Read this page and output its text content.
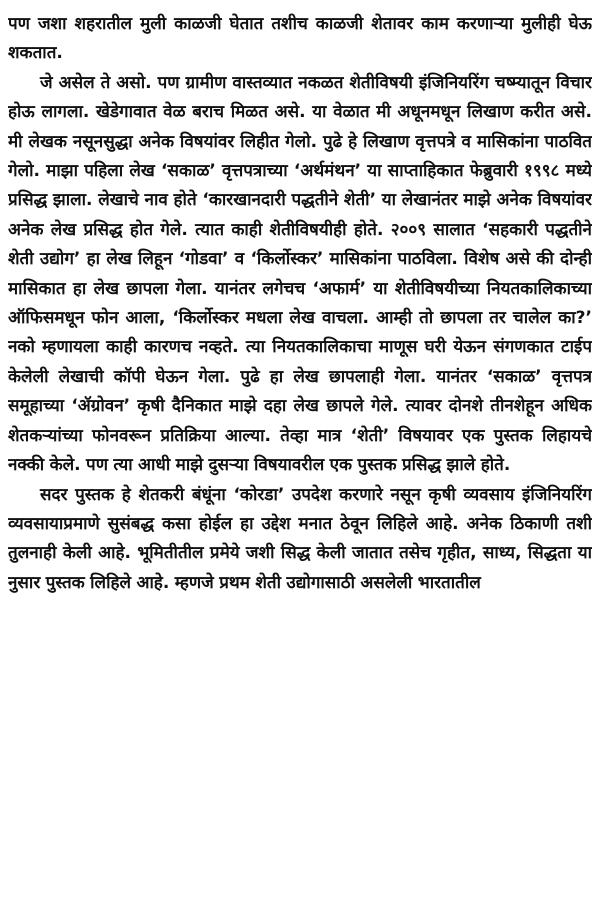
पण जशा शहरातील मुली काळजी घेतात तशीच काळजी शेतावर काम करणाऱ्या मुलीही घेऊ शकतात.

जे असेल ते असो. पण ग्रामीण वास्तव्यात नकळत शेतीविषयी इंजिनियरिंग चष्म्यातून विचार होऊ लागला. खेडेगावात वेळ बराच मिळत असे. या वेळात मी अधूनमधून लिखाण करीत असे. मी लेखक नसूनसुद्धा अनेक विषयांवर लिहीत गेलो. पुढे हे लिखाण वृत्तपत्रे व मासिकांना पाठवित गेलो. माझा पहिला लेख ‘सकाळ’ वृत्तपत्राच्या ‘अर्थमंथन’ या साप्ताहिकात फेब्रुवारी १९९८ मध्ये प्रसिद्ध झाला. लेखाचे नाव होते ‘कारखानदारी पद्धतीने शेती’ या लेखानंतर माझे अनेक विषयांवर अनेक लेख प्रसिद्ध होत गेले. त्यात काही शेतीविषयीही होते. २००९ सालात ‘सहकारी पद्धतीने शेती उद्योग’ हा लेख लिहून ‘गोडवा’ व ‘किर्लोस्कर’ मासिकांना पाठविला. विशेष असे की दोन्ही मासिकात हा लेख छापला गेला. यानंतर लगेचच ‘अफार्म’ या शेतीविषयीच्या नियतकालिकाच्या ऑफिसमधून फोन आला, ‘किर्लोस्कर मधला लेख वाचला. आम्ही तो छापला तर चालेल का?’ नको म्हणायला काही कारणच नव्हते. त्या नियतकालिकाचा माणूस घरी येऊन संगणकात टाईप केलेली लेखाची कॉपी घेऊन गेला. पुढे हा लेख छापलाही गेला. यानंतर ‘सकाळ’ वृत्तपत्र समूहाच्या ‘ॲग्रोवन’ कृषी दैनिकात माझे दहा लेख छापले गेले. त्यावर दोनशे तीनशेहून अधिक शेतकऱ्यांच्या फोनवरून प्रतिक्रिया आल्या. तेव्हा मात्र ‘शेती’ विषयावर एक पुस्तक लिहायचे नक्की केले. पण त्या आधी माझे दुसऱ्या विषयावरील एक पुस्तक प्रसिद्ध झाले होते.

सदर पुस्तक हे शेतकरी बंधूंना ‘कोरडा’ उपदेश करणारे नसून कृषी व्यवसाय इंजिनियरिंग व्यवसायाप्रमाणे सुसंबद्ध कसा होईल हा उद्देश मनात ठेवून लिहिले आहे. अनेक ठिकाणी तशी तुलनाही केली आहे. भूमितीतील प्रमेये जशी सिद्ध केली जातात तसेच गृहीत, साध्य, सिद्धता या नुसार पुस्तक लिहिले आहे. म्हणजे प्रथम शेती उद्योगासाठी असलेली भारतातील
